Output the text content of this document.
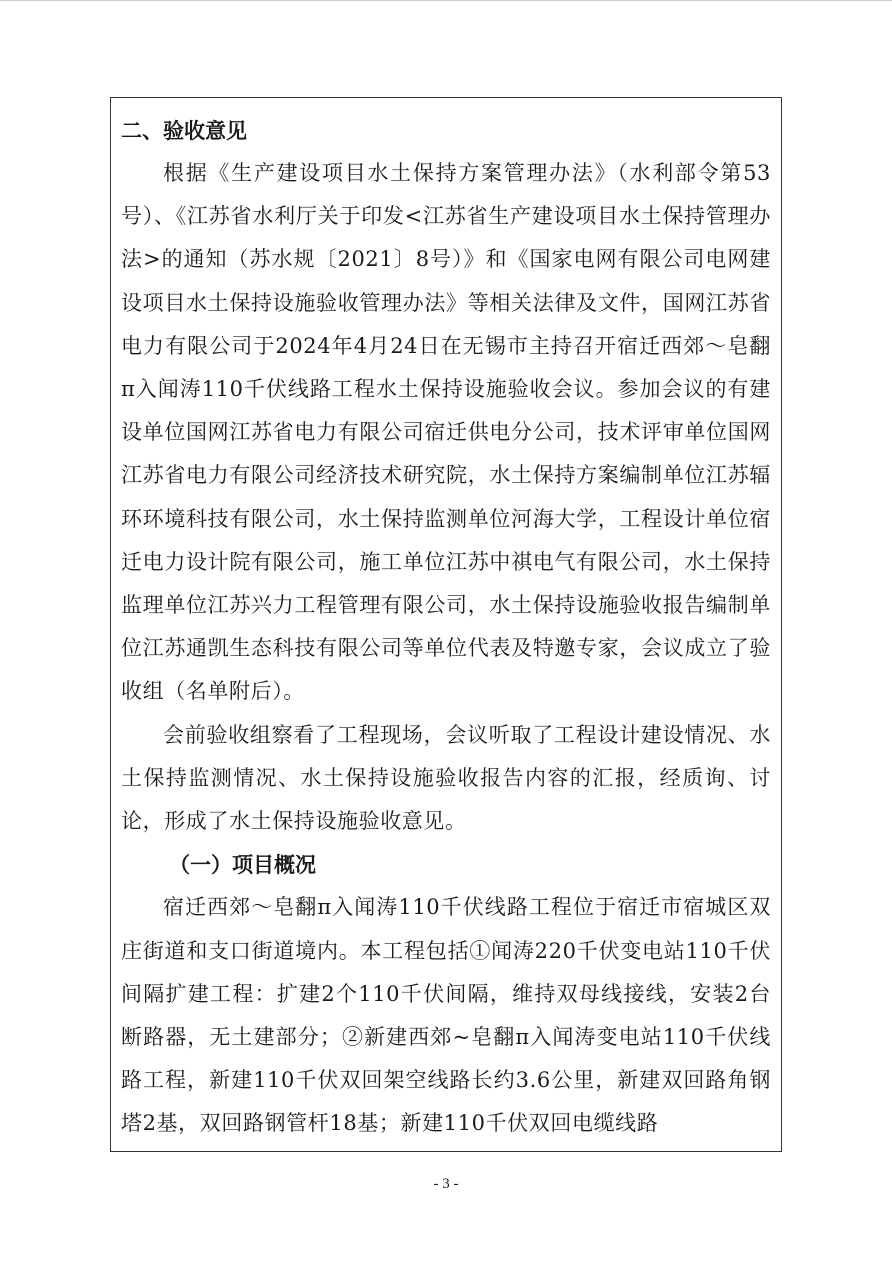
二、验收意见

根据《生产建设项目水土保持方案管理办法》（水利部令第53号）、《江苏省水利厅关于印发<江苏省生产建设项目水土保持管理办法>的通知（苏水规〔2021〕8号）》和《国家电网有限公司电网建设项目水土保持设施验收管理办法》等相关法律及文件，国网江苏省电力有限公司于2024年4月24日在无锡市主持召开宿迁西郊～皂翻π入闻涛110千伏线路工程水土保持设施验收会议。参加会议的有建设单位国网江苏省电力有限公司宿迁供电分公司，技术评审单位国网江苏省电力有限公司经济技术研究院，水土保持方案编制单位江苏辐环环境科技有限公司，水土保持监测单位河海大学，工程设计单位宿迁电力设计院有限公司，施工单位江苏中祺电气有限公司，水土保持监理单位江苏兴力工程管理有限公司，水土保持设施验收报告编制单位江苏通凯生态科技有限公司等单位代表及特邀专家，会议成立了验收组（名单附后）。

会前验收组察看了工程现场，会议听取了工程设计建设情况、水土保持监测情况、水土保持设施验收报告内容的汇报，经质询、讨论，形成了水土保持设施验收意见。

（一）项目概况

宿迁西郊～皂翻π入闻涛110千伏线路工程位于宿迁市宿城区双庄街道和支口街道境内。本工程包括①闻涛220千伏变电站110千伏间隔扩建工程：扩建2个110千伏间隔，维持双母线接线，安装2台断路器，无土建部分；②新建西郊~皂翻π入闻涛变电站110千伏线路工程，新建110千伏双回架空线路长约3.6公里，新建双回路角钢塔2基，双回路钢管杆18基；新建110千伏双回电缆线路

- 3 -
